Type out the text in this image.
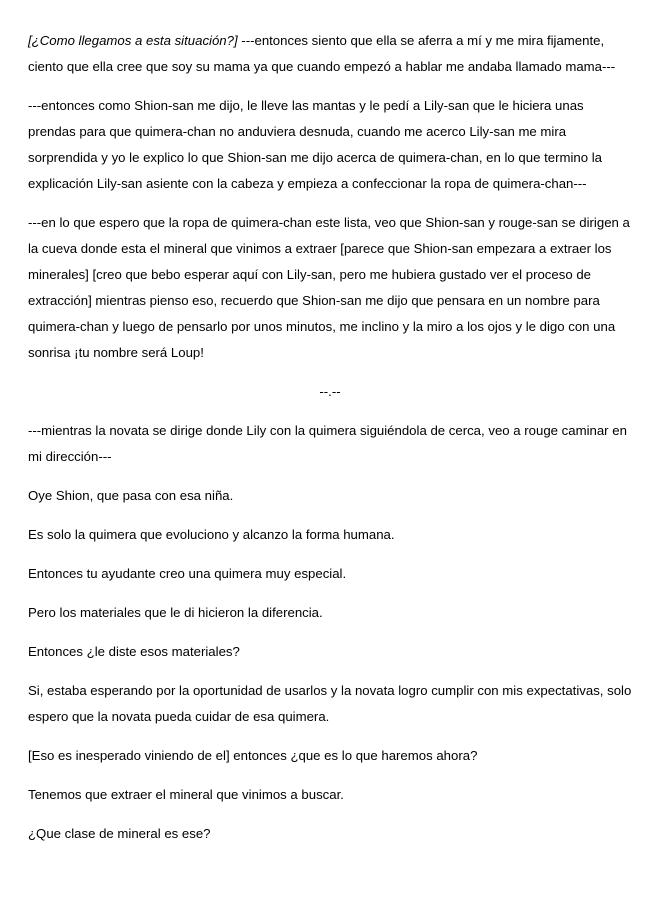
[¿Como llegamos a esta situación?] ---entonces siento que ella se aferra a mí y me mira fijamente, ciento que ella cree que soy su mama ya que cuando empezó a hablar me andaba llamado mama---

---entonces como Shion-san me dijo, le lleve las mantas y le pedí a Lily-san que le hiciera unas prendas para que quimera-chan no anduviera desnuda, cuando me acerco Lily-san me mira sorprendida y yo le explico lo que Shion-san me dijo acerca de quimera-chan, en lo que termino la explicación Lily-san asiente con la cabeza y empieza a confeccionar la ropa de quimera-chan---

---en lo que espero que la ropa de quimera-chan este lista, veo que Shion-san y rouge-san se dirigen a la cueva donde esta el mineral que vinimos a extraer [parece que Shion-san empezara a extraer los minerales] [creo que bebo esperar aquí con Lily-san, pero me hubiera gustado ver el proceso de extracción] mientras pienso eso, recuerdo que Shion-san me dijo que pensara en un nombre para quimera-chan y luego de pensarlo por unos minutos, me inclino y la miro a los ojos y le digo con una sonrisa ¡tu nombre será Loup!

--.--

---mientras la novata se dirige donde Lily con la quimera siguiéndola de cerca, veo a rouge caminar en mi dirección---

Oye Shion, que pasa con esa niña.

Es solo la quimera que evoluciono y alcanzo la forma humana.

Entonces tu ayudante creo una quimera muy especial.

Pero los materiales que le di hicieron la diferencia.

Entonces ¿le diste esos materiales?

Si, estaba esperando por la oportunidad de usarlos y la novata logro cumplir con mis expectativas, solo espero que la novata pueda cuidar de esa quimera.

[Eso es inesperado viniendo de el] entonces ¿que es lo que haremos ahora?

Tenemos que extraer el mineral que vinimos a buscar.

¿Que clase de mineral es ese?
